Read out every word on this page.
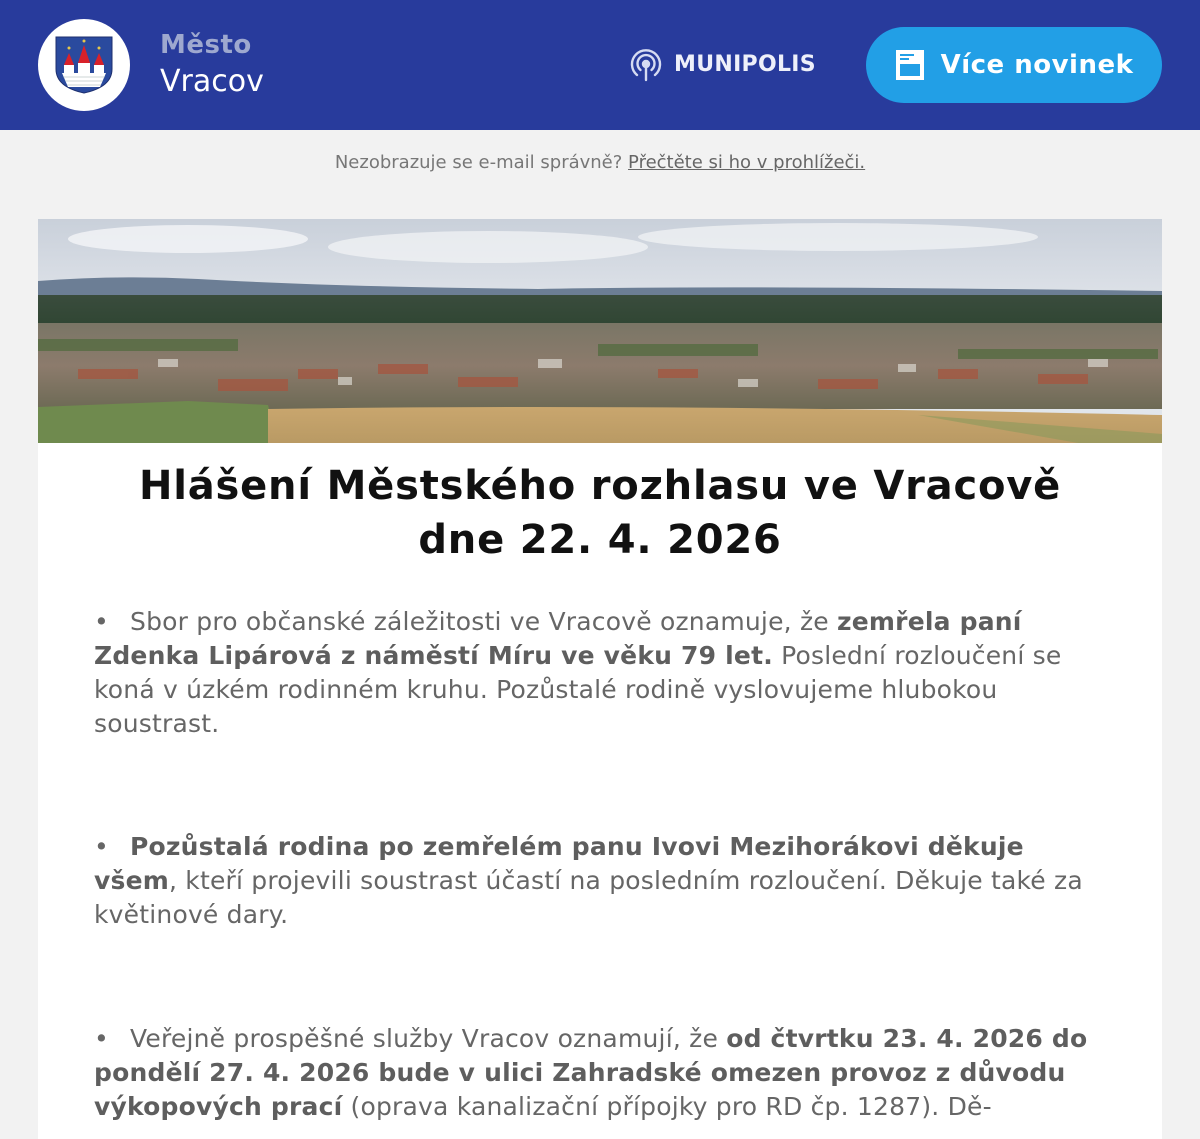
Město
Vracov	MUNIPOLIS	Více novinek
Nezobrazuje se e-mail správně? Přečtěte si ho v prohlížeči.
Hlášení Městského rozhlasu ve Vracově
dne 22. 4. 2026
• Sbor pro občanské záležitosti ve Vracově oznamuje, že zemřela paní Zdenka Lipárová z náměstí Míru ve věku 79 let. Poslední rozloučení se koná v úzkém rodinném kruhu. Pozůstalé rodině vyslovujeme hlubokou soustrast.
• Pozůstalá rodina po zemřelém panu Ivovi Mezihorákovi děkuje všem, kteří projevili soustrast účastí na posledním rozloučení. Děkuje také za květinové dary.
• Veřejně prospěšné služby Vracov oznamují, že od čtvrtku 23. 4. 2026 do pondělí 27. 4. 2026 bude v ulici Zahradské omezen provoz z důvodu výkopových prací (oprava kanalizační přípojky pro RD čp. 1287). Dě-
